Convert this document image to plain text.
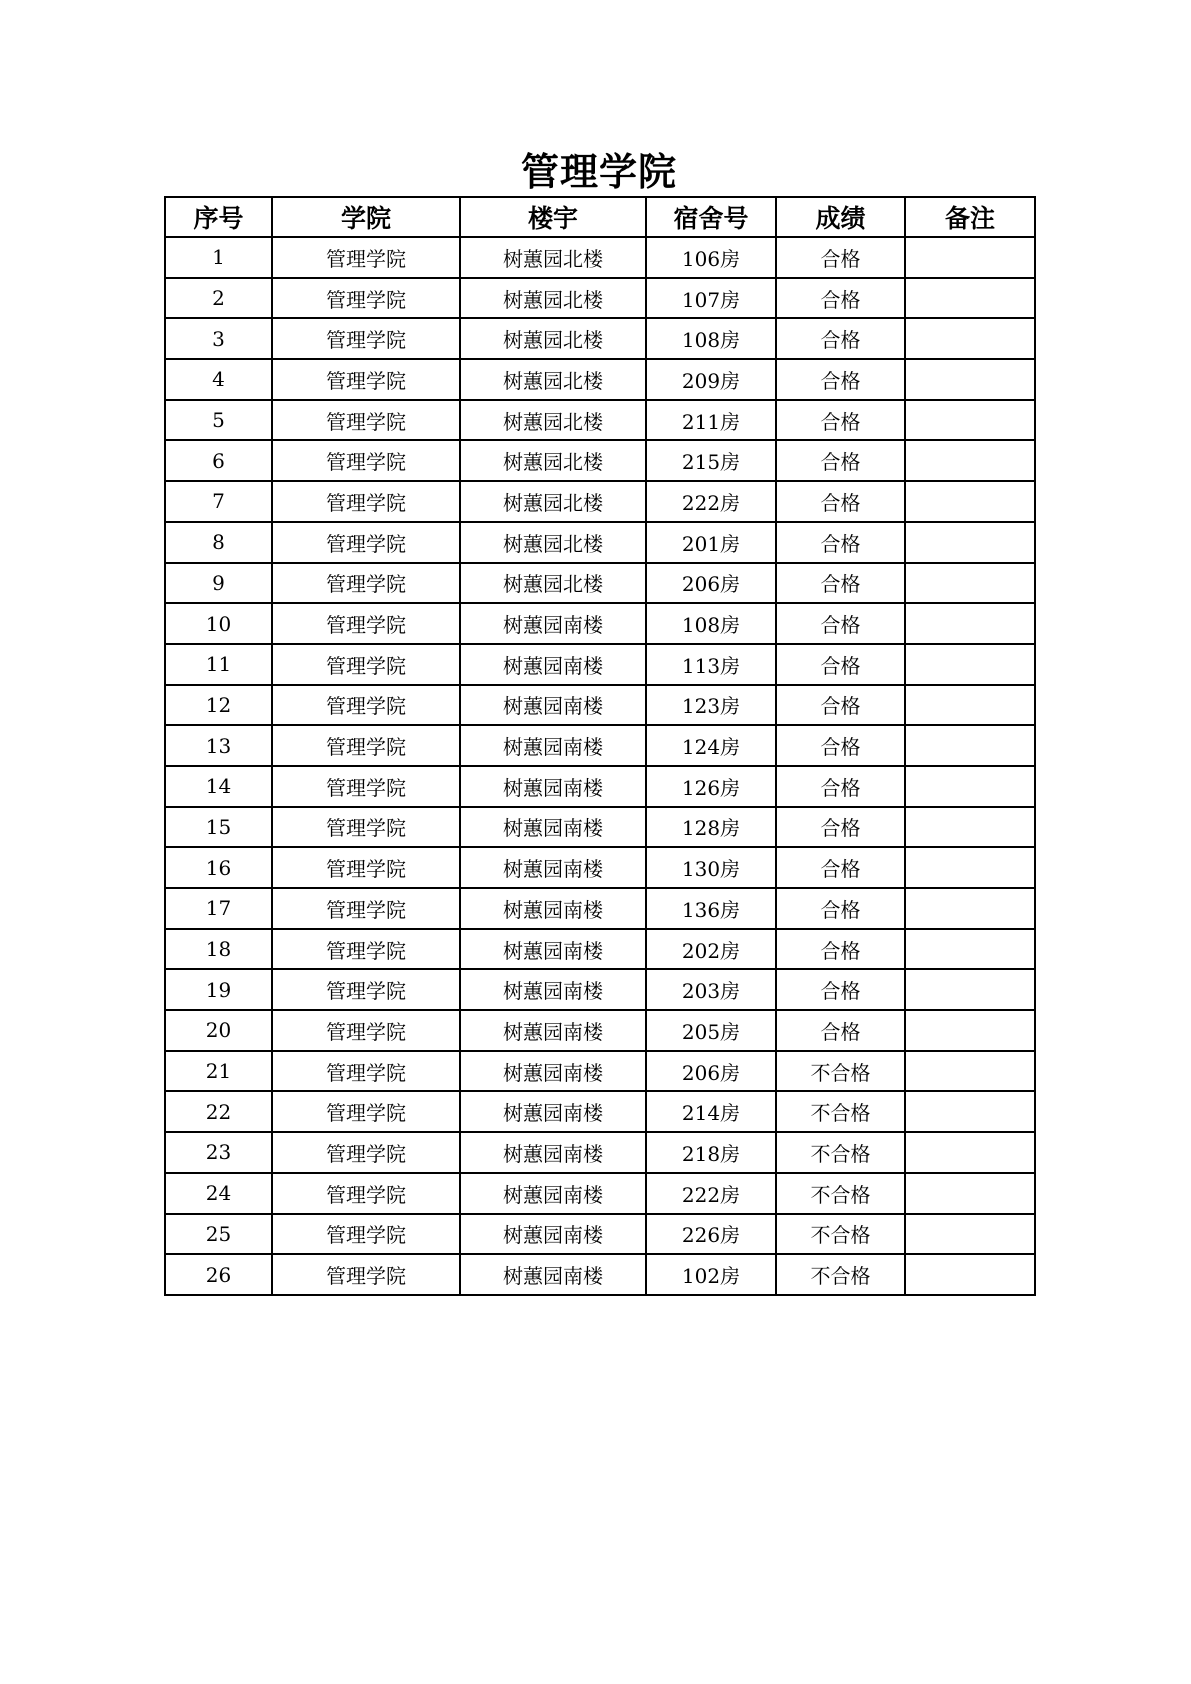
管理学院
序号	学院	楼宇	宿舍号	成绩	备注
1	管理学院	树蕙园北楼	106房	合格	
2	管理学院	树蕙园北楼	107房	合格	
3	管理学院	树蕙园北楼	108房	合格	
4	管理学院	树蕙园北楼	209房	合格	
5	管理学院	树蕙园北楼	211房	合格	
6	管理学院	树蕙园北楼	215房	合格	
7	管理学院	树蕙园北楼	222房	合格	
8	管理学院	树蕙园北楼	201房	合格	
9	管理学院	树蕙园北楼	206房	合格	
10	管理学院	树蕙园南楼	108房	合格	
11	管理学院	树蕙园南楼	113房	合格	
12	管理学院	树蕙园南楼	123房	合格	
13	管理学院	树蕙园南楼	124房	合格	
14	管理学院	树蕙园南楼	126房	合格	
15	管理学院	树蕙园南楼	128房	合格	
16	管理学院	树蕙园南楼	130房	合格	
17	管理学院	树蕙园南楼	136房	合格	
18	管理学院	树蕙园南楼	202房	合格	
19	管理学院	树蕙园南楼	203房	合格	
20	管理学院	树蕙园南楼	205房	合格	
21	管理学院	树蕙园南楼	206房	不合格	
22	管理学院	树蕙园南楼	214房	不合格	
23	管理学院	树蕙园南楼	218房	不合格	
24	管理学院	树蕙园南楼	222房	不合格	
25	管理学院	树蕙园南楼	226房	不合格	
26	管理学院	树蕙园南楼	102房	不合格	
